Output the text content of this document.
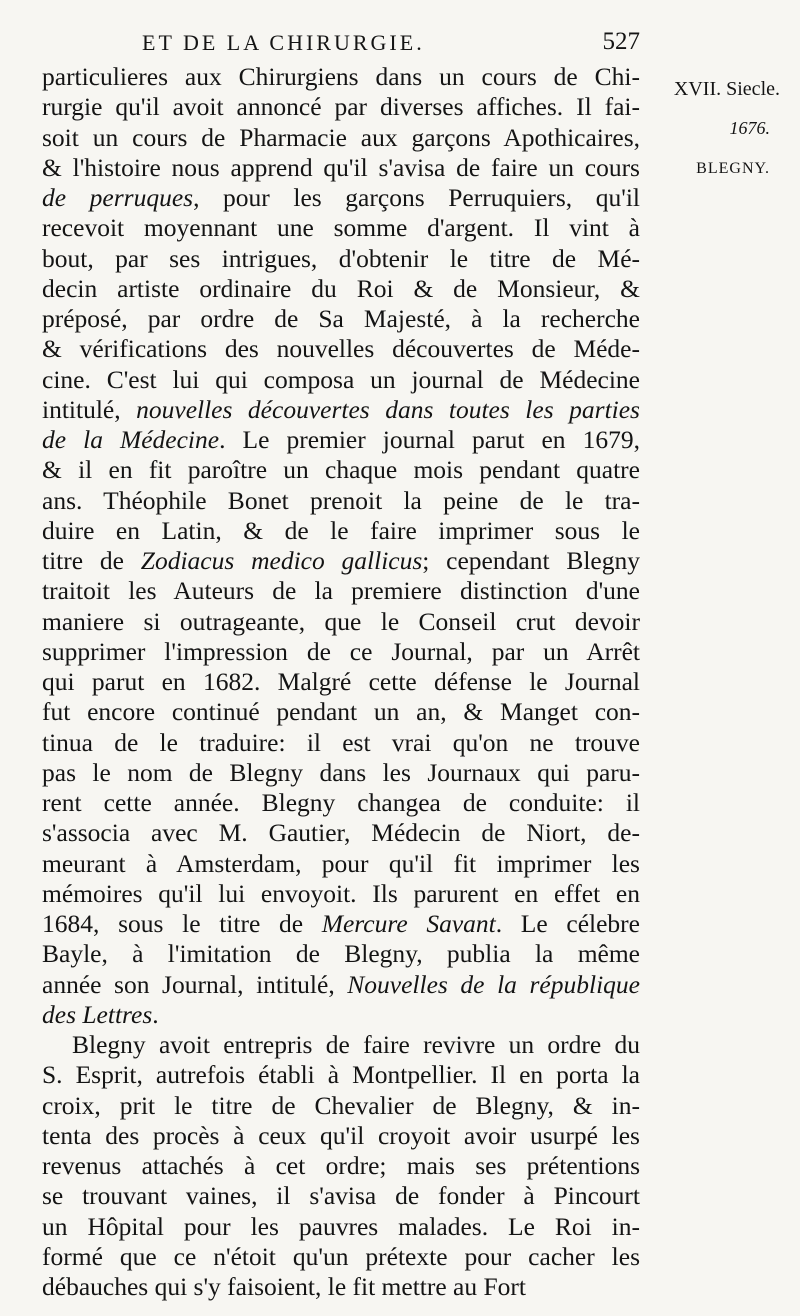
ET DE LA CHIRURGIE.	527
XVII. Siecle.
1676.
BLEGNY.
particulieres aux Chirurgiens dans un cours de Chi-
rurgie qu'il avoit annoncé par diverses affiches. Il fai-
soit un cours de Pharmacie aux garçons Apothicaires,
& l'histoire nous apprend qu'il s'avisa de faire un cours
de perruques, pour les garçons Perruquiers, qu'il
recevoit moyennant une somme d'argent. Il vint à
bout, par ses intrigues, d'obtenir le titre de Mé-
decin artiste ordinaire du Roi & de Monsieur, &
préposé, par ordre de Sa Majesté, à la recherche
& vérifications des nouvelles découvertes de Méde-
cine. C'est lui qui composa un journal de Médecine
intitulé, nouvelles découvertes dans toutes les parties
de la Médecine. Le premier journal parut en 1679,
& il en fit paroître un chaque mois pendant quatre
ans. Théophile Bonet prenoit la peine de le tra-
duire en Latin, & de le faire imprimer sous le
titre de Zodiacus medico gallicus; cependant Blegny
traitoit les Auteurs de la premiere distinction d'une
maniere si outrageante, que le Conseil crut devoir
supprimer l'impression de ce Journal, par un Arrêt
qui parut en 1682. Malgré cette défense le Journal
fut encore continué pendant un an, & Manget con-
tinua de le traduire: il est vrai qu'on ne trouve
pas le nom de Blegny dans les Journaux qui paru-
rent cette année. Blegny changea de conduite: il
s'associa avec M. Gautier, Médecin de Niort, de-
meurant à Amsterdam, pour qu'il fit imprimer les
mémoires qu'il lui envoyoit. Ils parurent en effet en
1684, sous le titre de Mercure Savant. Le célebre
Bayle, à l'imitation de Blegny, publia la même
année son Journal, intitulé, Nouvelles de la république
des Lettres.
Blegny avoit entrepris de faire revivre un ordre du
S. Esprit, autrefois établi à Montpellier. Il en porta la
croix, prit le titre de Chevalier de Blegny, & in-
tenta des procès à ceux qu'il croyoit avoir usurpé les
revenus attachés à cet ordre; mais ses prétentions
se trouvant vaines, il s'avisa de fonder à Pincourt
un Hôpital pour les pauvres malades. Le Roi in-
formé que ce n'étoit qu'un prétexte pour cacher les
débauches qui s'y faisoient, le fit mettre au Fort
